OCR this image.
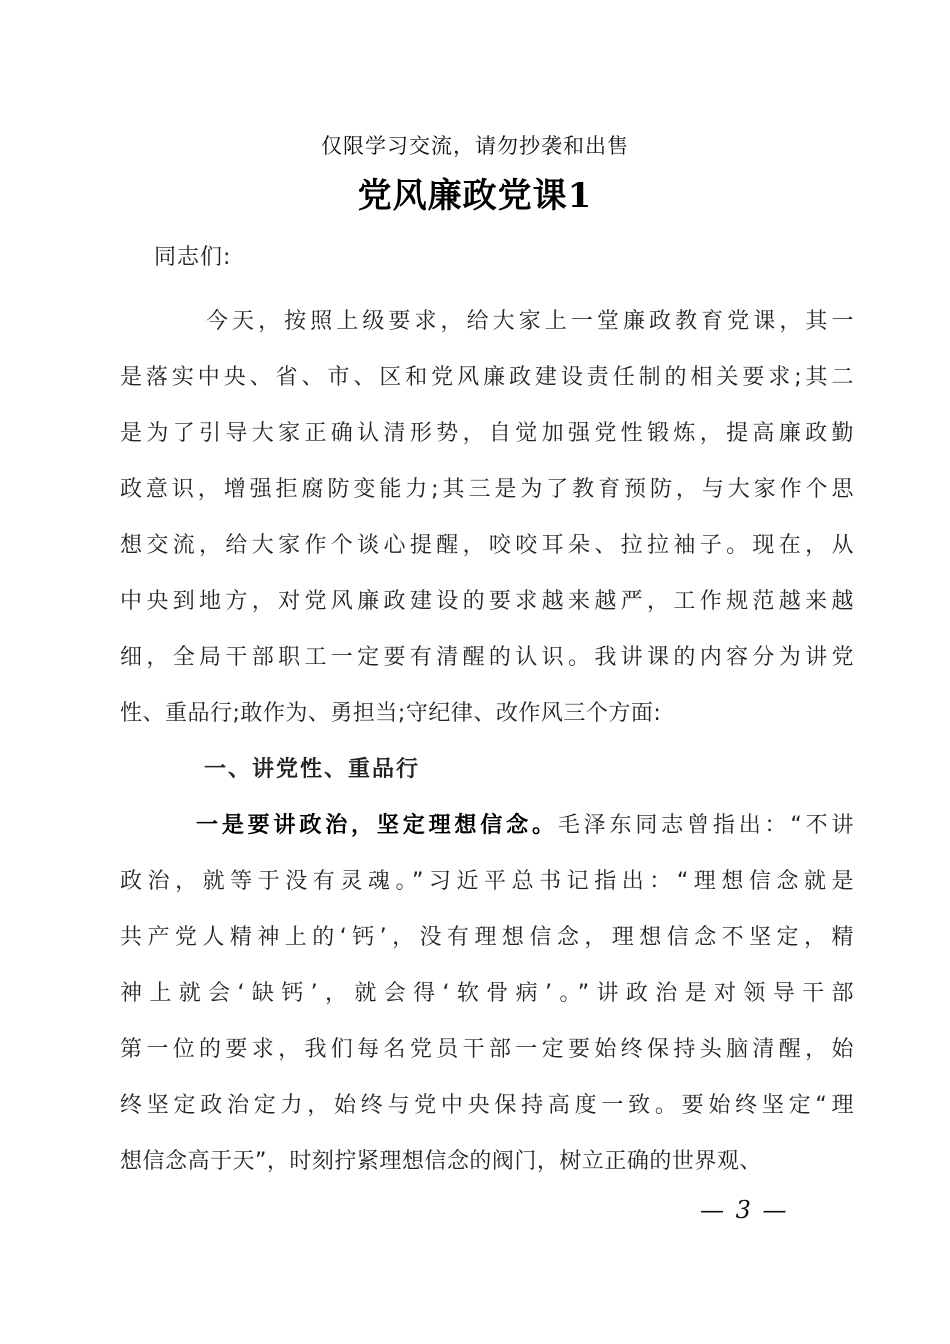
仅限学习交流，请勿抄袭和出售
党风廉政党课1
同志们:
今天，按照上级要求，给大家上一堂廉政教育党课，其一
是落实中央、省、市、区和党风廉政建设责任制的相关要求;其二
是为了引导大家正确认清形势，自觉加强党性锻炼，提高廉政勤
政意识，增强拒腐防变能力;其三是为了教育预防，与大家作个思
想交流，给大家作个谈心提醒，咬咬耳朵、拉拉袖子。现在，从
中央到地方，对党风廉政建设的要求越来越严，工作规范越来越
细，全局干部职工一定要有清醒的认识。我讲课的内容分为讲党
性、重品行;敢作为、勇担当;守纪律、改作风三个方面:
一、讲党性、重品行
一是要讲政治，坚定理想信念。毛泽东同志曾指出：“不讲
政治，就等于没有灵魂。”习近平总书记指出：“理想信念就是
共产党人精神上的‘钙’，没有理想信念，理想信念不坚定，精
神上就会‘缺钙’，就会得‘软骨病’。”讲政治是对领导干部
第一位的要求，我们每名党员干部一定要始终保持头脑清醒，始
终坚定政治定力，始终与党中央保持高度一致。要始终坚定“理
想信念高于天”，时刻拧紧理想信念的阀门，树立正确的世界观、
— 3 —
